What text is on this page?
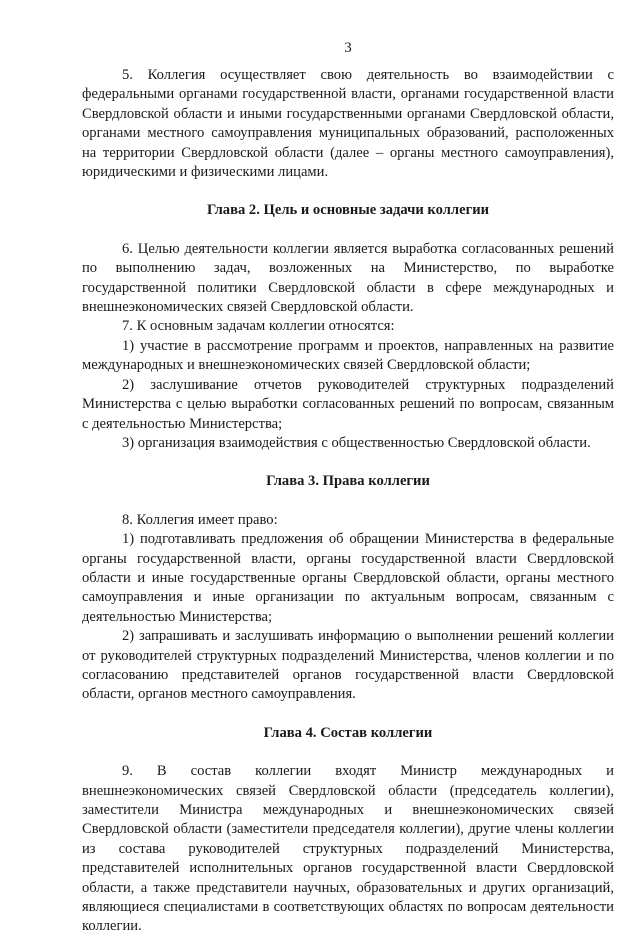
3

5. Коллегия осуществляет свою деятельность во взаимодействии с федеральными органами государственной власти, органами государственной власти Свердловской области и иными государственными органами Свердловской области, органами местного самоуправления муниципальных образований, расположенных на территории Свердловской области (далее – органы местного самоуправления), юридическими и физическими лицами.

Глава 2. Цель и основные задачи коллегии

6. Целью деятельности коллегии является выработка согласованных решений по выполнению задач, возложенных на Министерство, по выработке государственной политики Свердловской области в сфере международных и внешнеэкономических связей Свердловской области.

7. К основным задачам коллегии относятся:

1) участие в рассмотрение программ и проектов, направленных на развитие международных и внешнеэкономических связей Свердловской области;

2) заслушивание отчетов руководителей структурных подразделений Министерства с целью выработки согласованных решений по вопросам, связанным с деятельностью Министерства;

3) организация взаимодействия с общественностью Свердловской области.

Глава 3. Права коллегии

8. Коллегия имеет право:

1) подготавливать предложения об обращении Министерства в федеральные органы государственной власти, органы государственной власти Свердловской области и иные государственные органы Свердловской области, органы местного самоуправления и иные организации по актуальным вопросам, связанным с деятельностью Министерства;

2) запрашивать и заслушивать информацию о выполнении решений коллегии от руководителей структурных подразделений Министерства, членов коллегии и по согласованию представителей органов государственной власти Свердловской области, органов местного самоуправления.

Глава 4. Состав коллегии

9. В состав коллегии входят Министр международных и внешнеэкономических связей Свердловской области (председатель коллегии), заместители Министра международных и внешнеэкономических связей Свердловской области (заместители председателя коллегии), другие члены коллегии из состава руководителей структурных подразделений Министерства, представителей исполнительных органов государственной власти Свердловской области, а также представители научных, образовательных и других организаций, являющиеся специалистами в соответствующих областях по вопросам деятельности коллегии.
